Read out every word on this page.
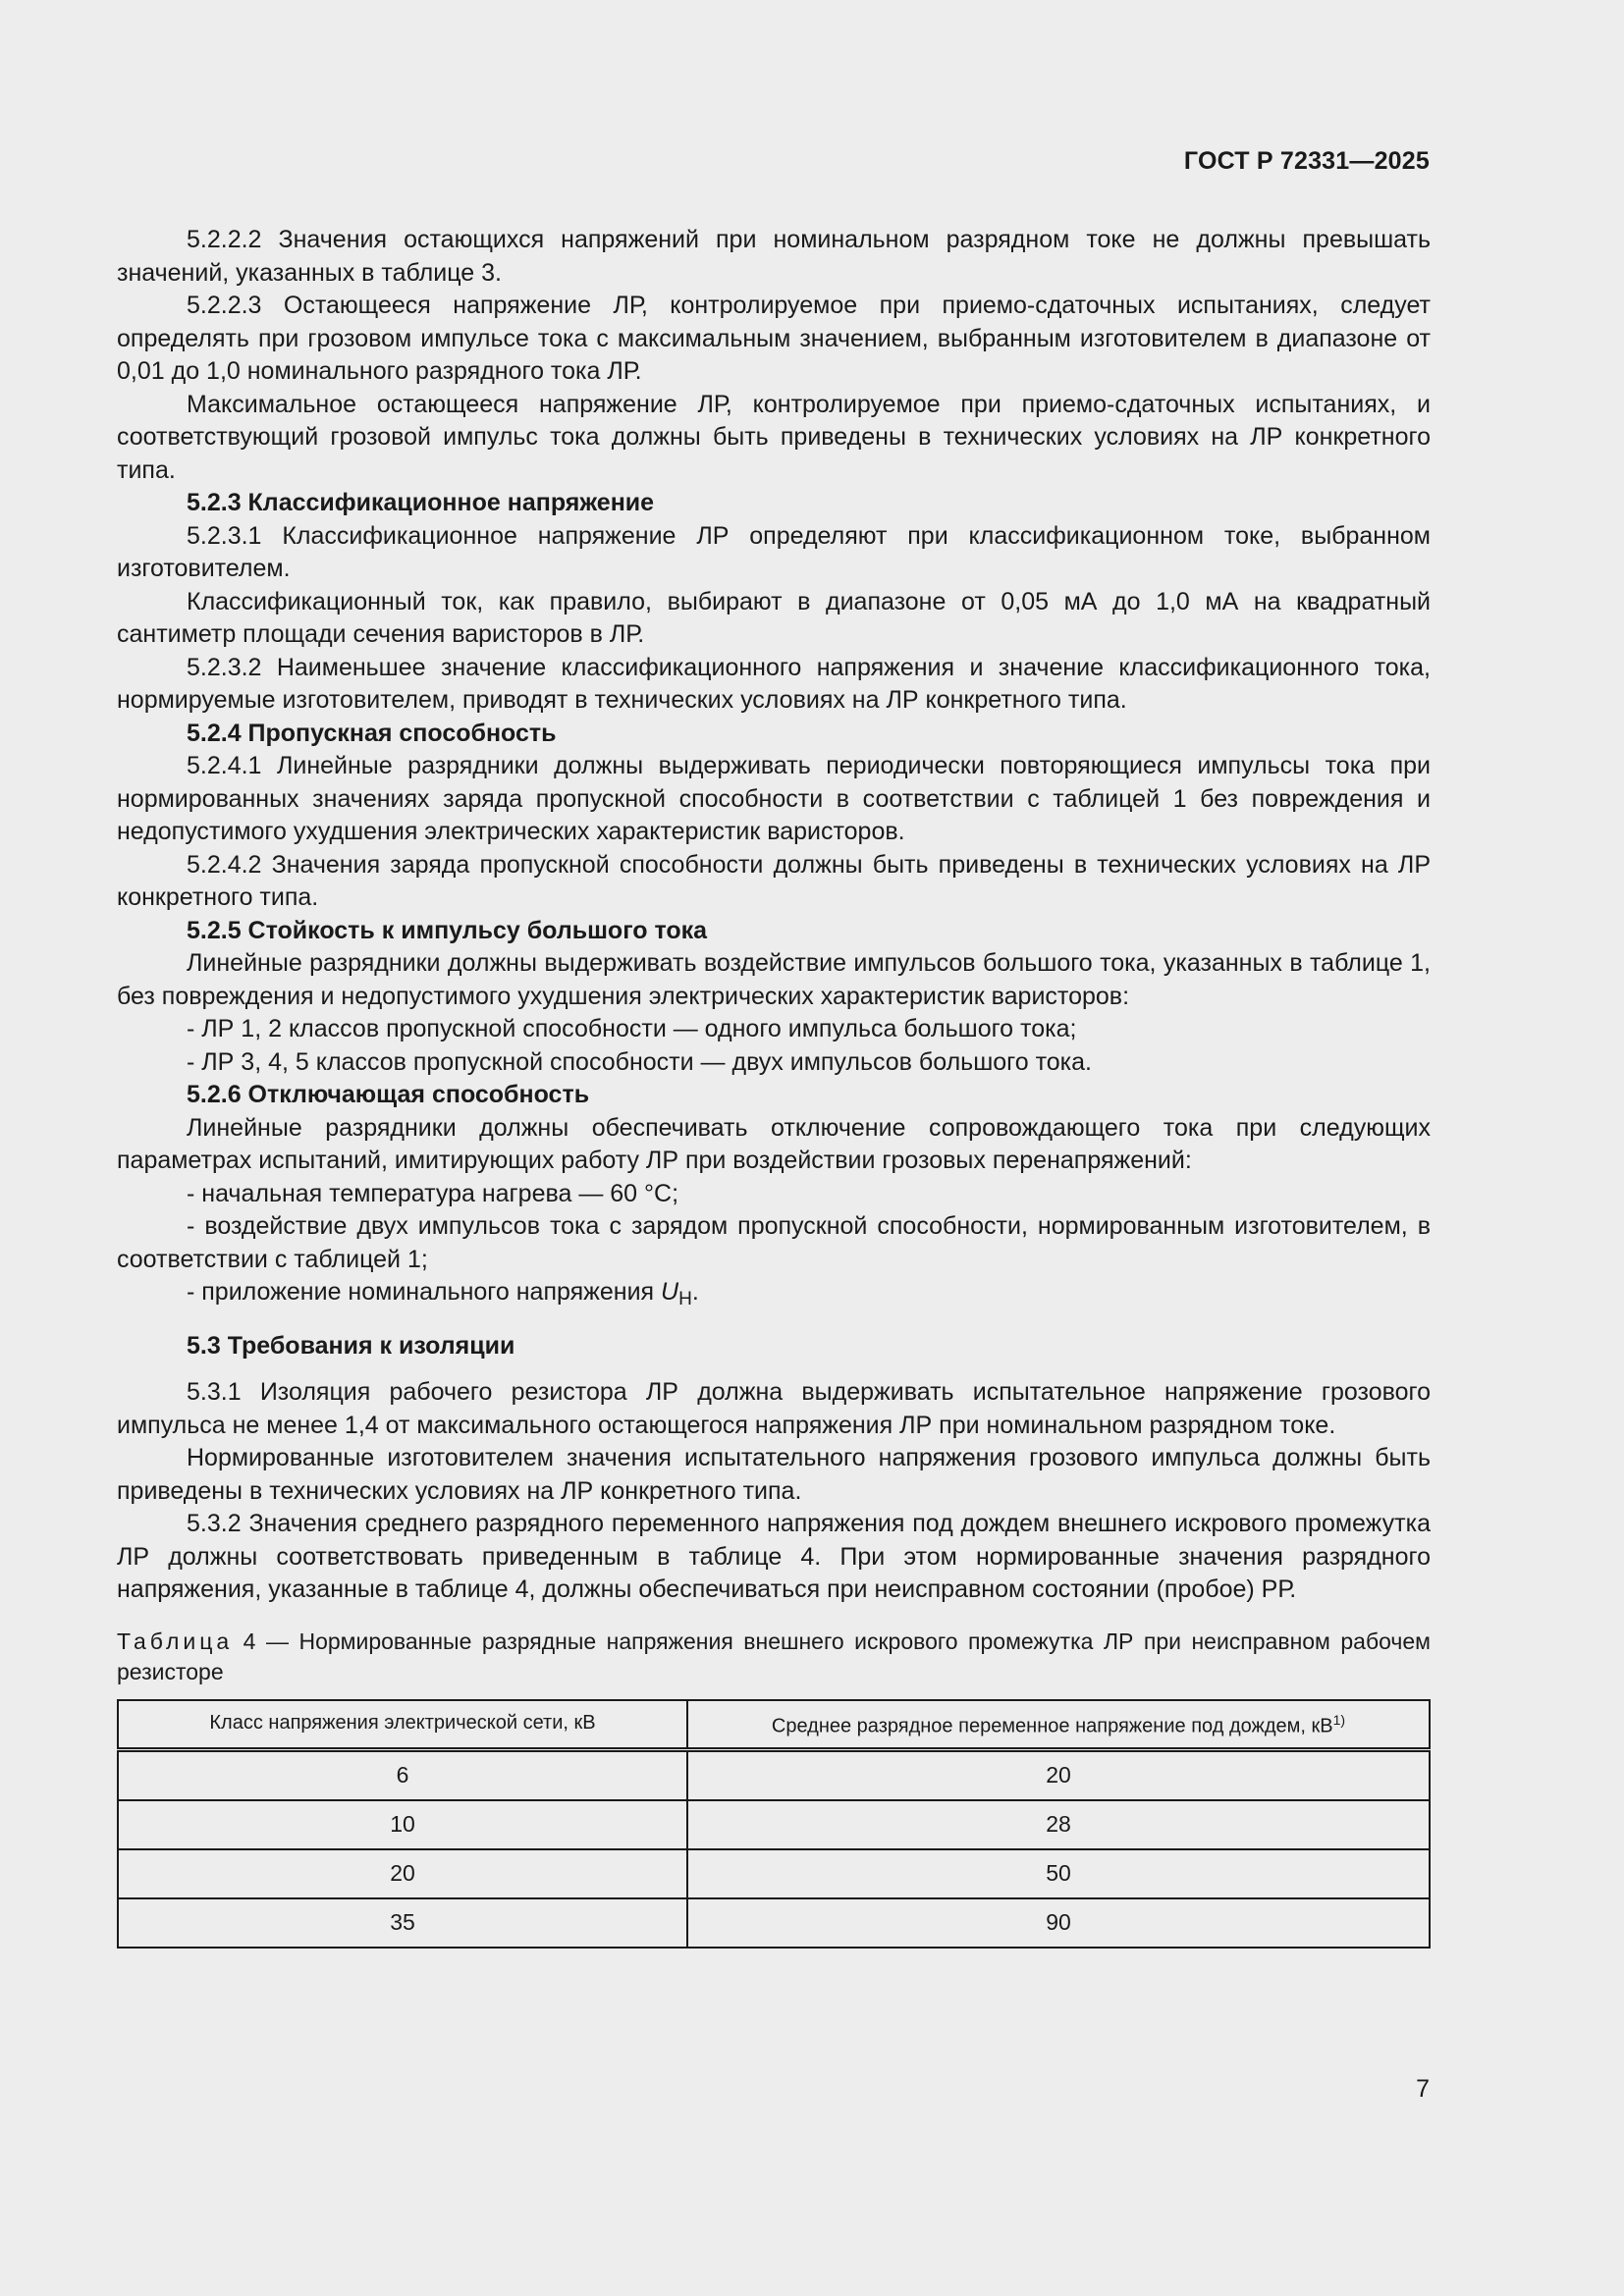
ГОСТ Р 72331—2025

5.2.2.2 Значения остающихся напряжений при номинальном разрядном токе не должны превышать значений, указанных в таблице 3.

5.2.2.3 Остающееся напряжение ЛР, контролируемое при приемо-сдаточных испытаниях, следует определять при грозовом импульсе тока с максимальным значением, выбранным изготовителем в диапазоне от 0,01 до 1,0 номинального разрядного тока ЛР.

Максимальное остающееся напряжение ЛР, контролируемое при приемо-сдаточных испытаниях, и соответствующий грозовой импульс тока должны быть приведены в технических условиях на ЛР конкретного типа.

5.2.3 Классификационное напряжение

5.2.3.1 Классификационное напряжение ЛР определяют при классификационном токе, выбранном изготовителем.

Классификационный ток, как правило, выбирают в диапазоне от 0,05 мА до 1,0 мА на квадратный сантиметр площади сечения варисторов в ЛР.

5.2.3.2 Наименьшее значение классификационного напряжения и значение классификационного тока, нормируемые изготовителем, приводят в технических условиях на ЛР конкретного типа.

5.2.4 Пропускная способность

5.2.4.1 Линейные разрядники должны выдерживать периодически повторяющиеся импульсы тока при нормированных значениях заряда пропускной способности в соответствии с таблицей 1 без повреждения и недопустимого ухудшения электрических характеристик варисторов.

5.2.4.2 Значения заряда пропускной способности должны быть приведены в технических условиях на ЛР конкретного типа.

5.2.5 Стойкость к импульсу большого тока

Линейные разрядники должны выдерживать воздействие импульсов большого тока, указанных в таблице 1, без повреждения и недопустимого ухудшения электрических характеристик варисторов:

- ЛР 1, 2 классов пропускной способности — одного импульса большого тока;

- ЛР 3, 4, 5 классов пропускной способности — двух импульсов большого тока.

5.2.6 Отключающая способность

Линейные разрядники должны обеспечивать отключение сопровождающего тока при следующих параметрах испытаний, имитирующих работу ЛР при воздействии грозовых перенапряжений:

- начальная температура нагрева — 60 °С;

- воздействие двух импульсов тока с зарядом пропускной способности, нормированным изготовителем, в соответствии с таблицей 1;

- приложение номинального напряжения $U_Н$.

5.3 Требования к изоляции

5.3.1 Изоляция рабочего резистора ЛР должна выдерживать испытательное напряжение грозового импульса не менее 1,4 от максимального остающегося напряжения ЛР при номинальном разрядном токе.

Нормированные изготовителем значения испытательного напряжения грозового импульса должны быть приведены в технических условиях на ЛР конкретного типа.

5.3.2 Значения среднего разрядного переменного напряжения под дождем внешнего искрового промежутка ЛР должны соответствовать приведенным в таблице 4. При этом нормированные значения разрядного напряжения, указанные в таблице 4, должны обеспечиваться при неисправном состоянии (пробое) РР.

Таблица 4 — Нормированные разрядные напряжения внешнего искрового промежутка ЛР при неисправном рабочем резисторе

Класс напряжения электрической сети, кВ	Среднее разрядное переменное напряжение под дождем, $кВ^{1)}$
6	20
10	28
20	50
35	90
7
